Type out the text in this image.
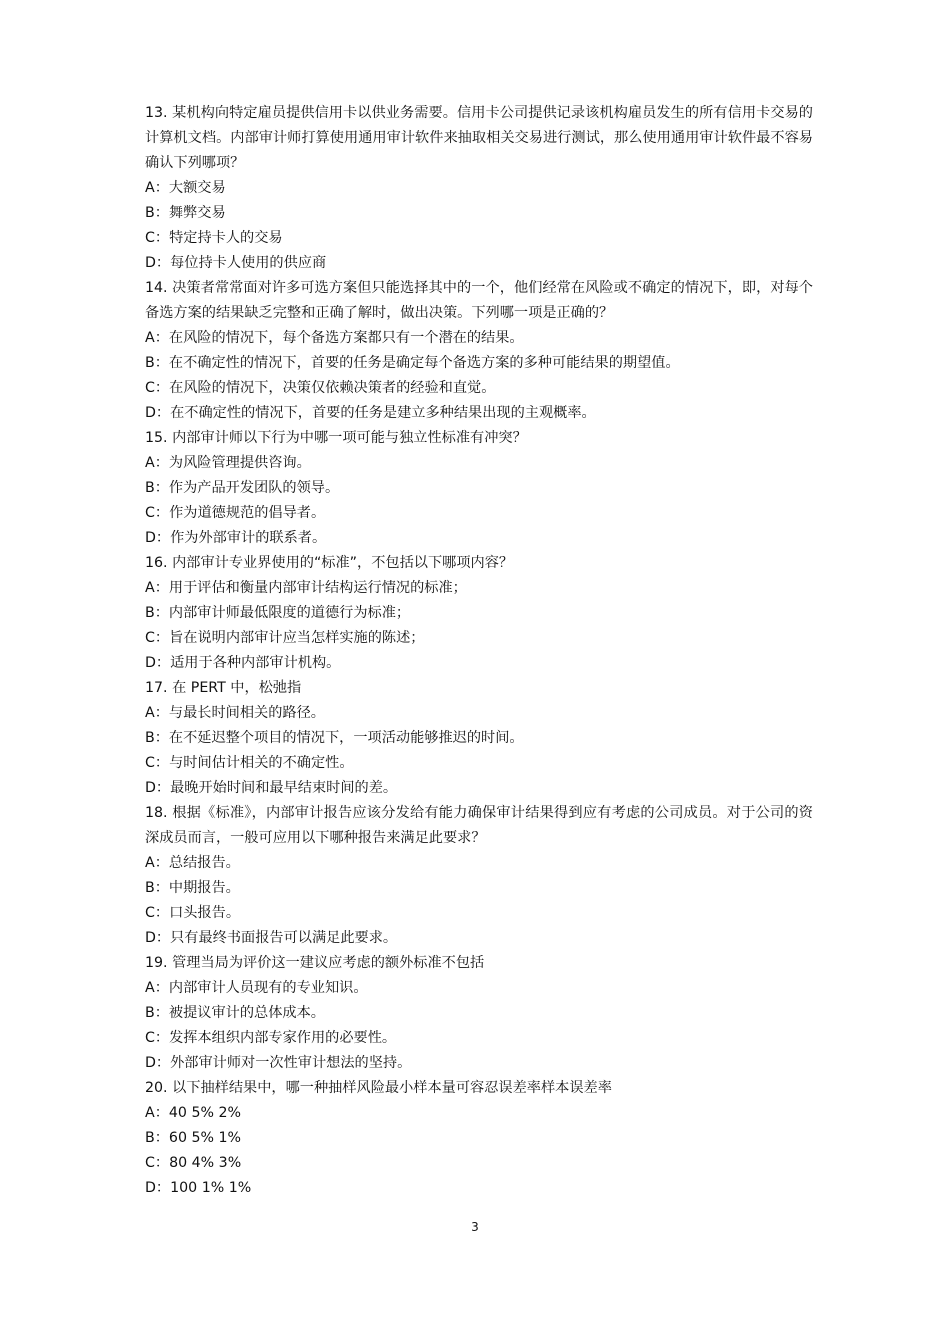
13. 某机构向特定雇员提供信用卡以供业务需要。信用卡公司提供记录该机构雇员发生的所有信用卡交易的计算机文档。内部审计师打算使用通用审计软件来抽取相关交易进行测试，那么使用通用审计软件最不容易确认下列哪项？

A：大额交易
B：舞弊交易
C：特定持卡人的交易
D：每位持卡人使用的供应商

14. 决策者常常面对许多可选方案但只能选择其中的一个，他们经常在风险或不确定的情况下，即，对每个备选方案的结果缺乏完整和正确了解时，做出决策。下列哪一项是正确的？

A：在风险的情况下，每个备选方案都只有一个潜在的结果。
B：在不确定性的情况下，首要的任务是确定每个备选方案的多种可能结果的期望值。
C：在风险的情况下，决策仅依赖决策者的经验和直觉。
D：在不确定性的情况下，首要的任务是建立多种结果出现的主观概率。

15. 内部审计师以下行为中哪一项可能与独立性标准有冲突？

A：为风险管理提供咨询。
B：作为产品开发团队的领导。
C：作为道德规范的倡导者。
D：作为外部审计的联系者。

16. 内部审计专业界使用的“标准”，不包括以下哪项内容？

A：用于评估和衡量内部审计结构运行情况的标准；
B：内部审计师最低限度的道德行为标准；
C：旨在说明内部审计应当怎样实施的陈述；
D：适用于各种内部审计机构。

17. 在 PERT 中，松弛指

A：与最长时间相关的路径。
B：在不延迟整个项目的情况下，一项活动能够推迟的时间。
C：与时间估计相关的不确定性。
D：最晚开始时间和最早结束时间的差。

18. 根据《标准》，内部审计报告应该分发给有能力确保审计结果得到应有考虑的公司成员。对于公司的资深成员而言，一般可应用以下哪种报告来满足此要求？

A：总结报告。
B：中期报告。
C：口头报告。
D：只有最终书面报告可以满足此要求。

19. 管理当局为评价这一建议应考虑的额外标准不包括

A：内部审计人员现有的专业知识。
B：被提议审计的总体成本。
C：发挥本组织内部专家作用的必要性。
D：外部审计师对一次性审计想法的坚持。

20. 以下抽样结果中，哪一种抽样风险最小样本量可容忍误差率样本误差率

A：40 5% 2%
B：60 5% 1%
C：80 4% 3%
D：100 1% 1%
3
